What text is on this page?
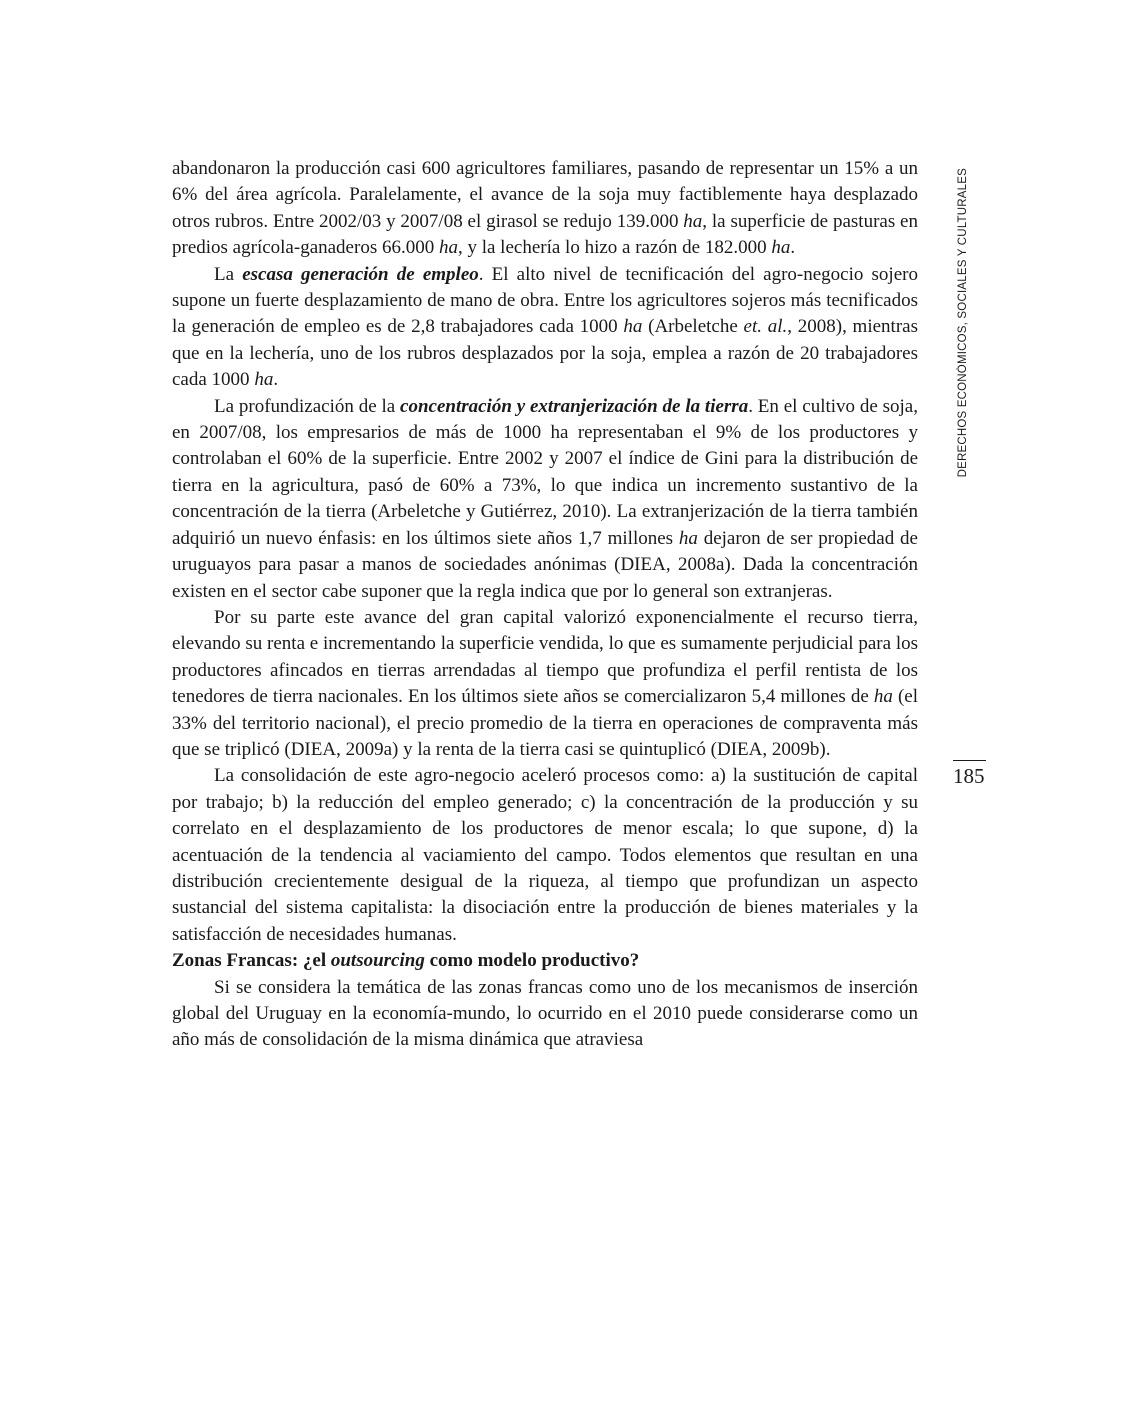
abandonaron la producción casi 600 agricultores familiares, pasando de representar un 15% a un 6% del área agrícola. Paralelamente, el avance de la soja muy factiblemente haya desplazado otros rubros. Entre 2002/03 y 2007/08 el girasol se redujo 139.000 ha, la superficie de pasturas en predios agrícola-ganaderos 66.000 ha, y la lechería lo hizo a razón de 182.000 ha.

La escasa generación de empleo. El alto nivel de tecnificación del agro-negocio sojero supone un fuerte desplazamiento de mano de obra. Entre los agricultores sojeros más tecnificados la generación de empleo es de 2,8 trabajadores cada 1000 ha (Arbeletche et. al., 2008), mientras que en la lechería, uno de los rubros desplazados por la soja, emplea a razón de 20 trabajadores cada 1000 ha.

La profundización de la concentración y extranjerización de la tierra. En el cultivo de soja, en 2007/08, los empresarios de más de 1000 ha representaban el 9% de los productores y controlaban el 60% de la superficie. Entre 2002 y 2007 el índice de Gini para la distribución de tierra en la agricultura, pasó de 60% a 73%, lo que indica un incremento sustantivo de la concentración de la tierra (Arbeletche y Gutiérrez, 2010). La extranjerización de la tierra también adquirió un nuevo énfasis: en los últimos siete años 1,7 millones ha dejaron de ser propiedad de uruguayos para pasar a manos de sociedades anónimas (DIEA, 2008a). Dada la concentración existen en el sector cabe suponer que la regla indica que por lo general son extranjeras.

Por su parte este avance del gran capital valorizó exponencialmente el recurso tierra, elevando su renta e incrementando la superficie vendida, lo que es sumamente perjudicial para los productores afincados en tierras arrendadas al tiempo que profundiza el perfil rentista de los tenedores de tierra nacionales. En los últimos siete años se comercializaron 5,4 millones de ha (el 33% del territorio nacional), el precio promedio de la tierra en operaciones de compraventa más que se triplicó (DIEA, 2009a) y la renta de la tierra casi se quintuplicó (DIEA, 2009b).

La consolidación de este agro-negocio aceleró procesos como: a) la sustitución de capital por trabajo; b) la reducción del empleo generado; c) la concentración de la producción y su correlato en el desplazamiento de los productores de menor escala; lo que supone, d) la acentuación de la tendencia al vaciamiento del campo. Todos elementos que resultan en una distribución crecientemente desigual de la riqueza, al tiempo que profundizan un aspecto sustancial del sistema capitalista: la disociación entre la producción de bienes materiales y la satisfacción de necesidades humanas.

Zonas Francas: ¿el outsourcing como modelo productivo?

Si se considera la temática de las zonas francas como uno de los mecanismos de inserción global del Uruguay en la economía-mundo, lo ocurrido en el 2010 puede considerarse como un año más de consolidación de la misma dinámica que atraviesa

DERECHOS ECONÓMICOS, SOCIALES Y CULTURALES
185
